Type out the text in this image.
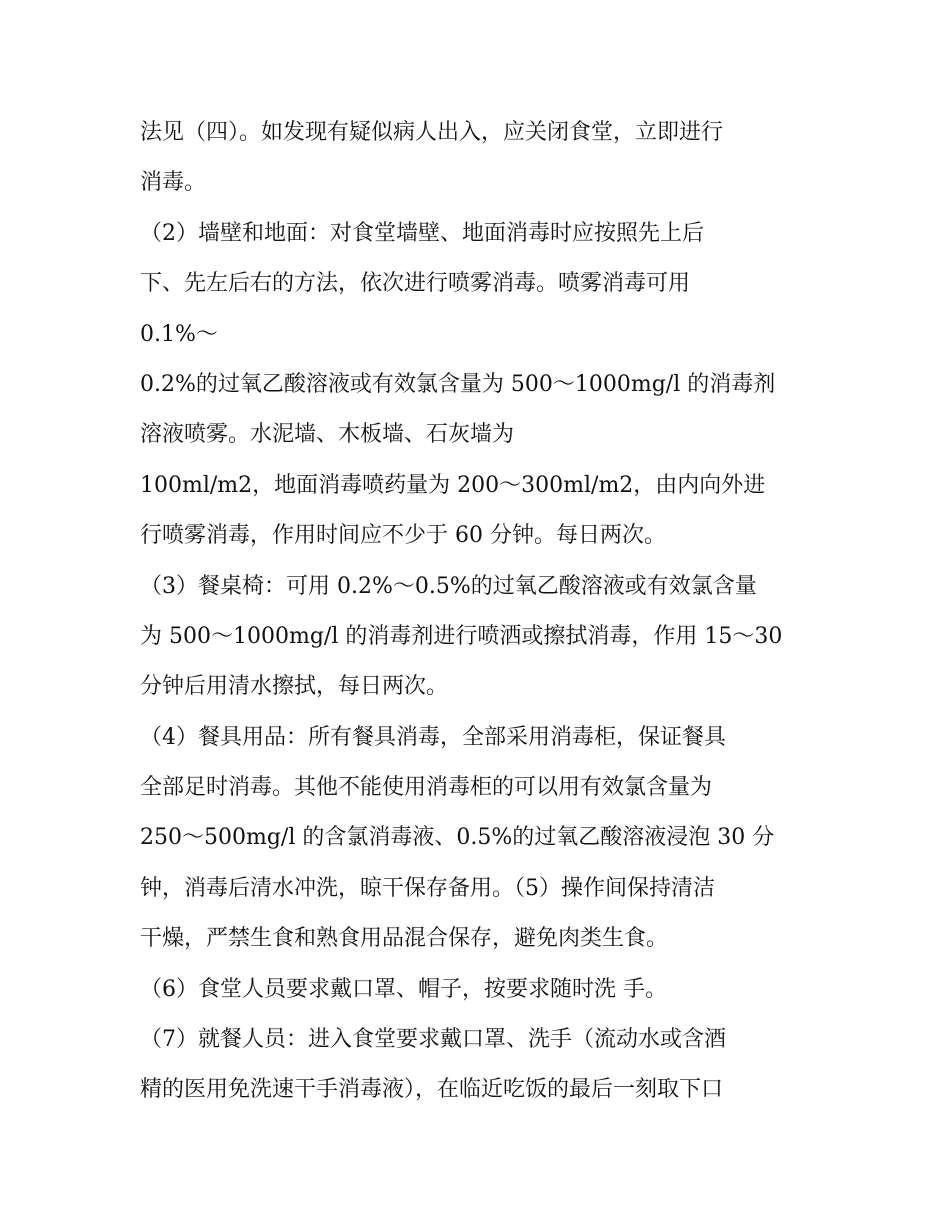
法见（四）。如发现有疑似病人出入，应关闭食堂，立即进行
消毒。
（2）墙壁和地面：对食堂墙壁、地面消毒时应按照先上后
下、先左后右的方法，依次进行喷雾消毒。喷雾消毒可用
0.1%～
0.2%的过氧乙酸溶液或有效氯含量为 500～1000mg/l 的消毒剂
溶液喷雾。水泥墙、木板墙、石灰墙为
100ml/m2，地面消毒喷药量为 200～300ml/m2，由内向外进
行喷雾消毒，作用时间应不少于 60 分钟。每日两次。
（3）餐桌椅：可用 0.2%～0.5%的过氧乙酸溶液或有效氯含量
为 500～1000mg/l 的消毒剂进行喷洒或擦拭消毒，作用 15～30
分钟后用清水擦拭，每日两次。
（4）餐具用品：所有餐具消毒，全部采用消毒柜，保证餐具
全部足时消毒。其他不能使用消毒柜的可以用有效氯含量为
250～500mg/l 的含氯消毒液、0.5%的过氧乙酸溶液浸泡 30 分
钟，消毒后清水冲洗，晾干保存备用。（5）操作间保持清洁
干燥，严禁生食和熟食用品混合保存，避免肉类生食。
（6）食堂人员要求戴口罩、帽子，按要求随时洗 手。
（7）就餐人员：进入食堂要求戴口罩、洗手（流动水或含酒
精的医用免洗速干手消毒液），在临近吃饭的最后一刻取下口
